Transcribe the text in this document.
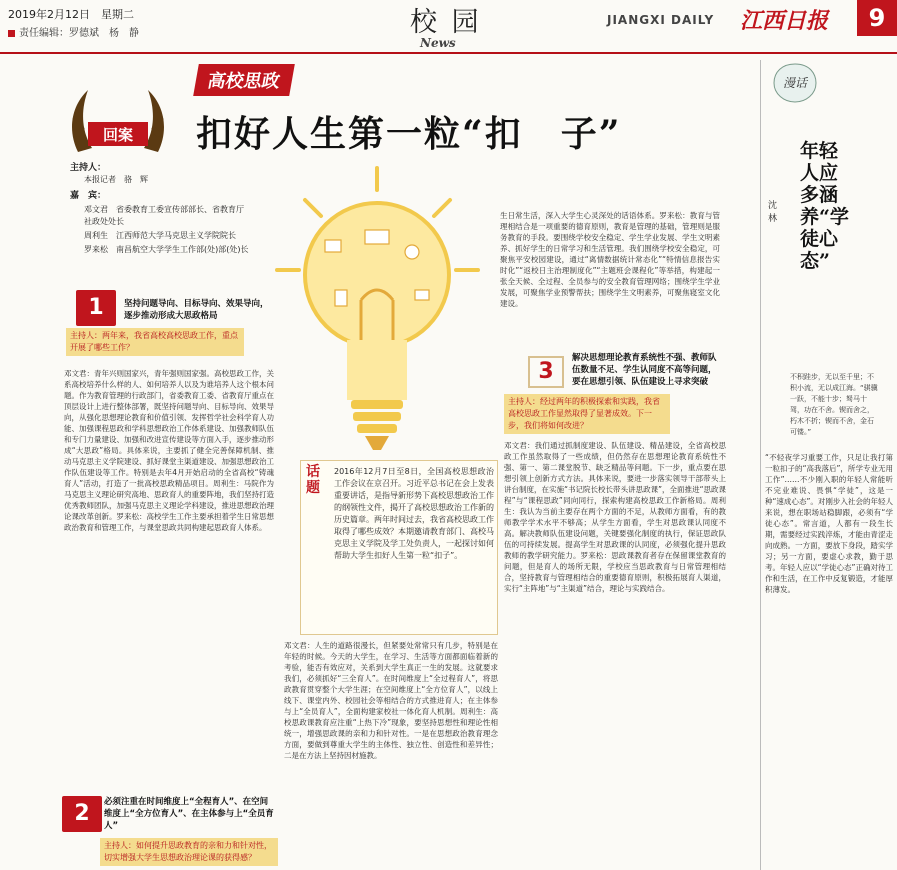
2019年2月12日　星期二
责任编辑：罗德斌　杨　静	校 园
News
JIANGXI DAILY 江西日报	9
回案
高校思政
扣好人生第一粒“扣　子”
主持人：
本报记者　骆　辉
嘉　宾：
邓文君　省委教育工委宣传部部长、省教育厅社政处处长
周利生　江西师范大学马克思主义学院院长
罗来松　南昌航空大学学生工作部(处)部(处)长
1	坚持问题导向、目标导向、效果导向，逐步推动形成大思政格局
主持人：两年来，我省高校高校思政工作，重点开展了哪些工作？
邓文君：青年兴则国家兴，青年强则国家强。高校思政工作，关系高校培养什么样的人、如何培养人以及为谁培养人这个根本问题。作为教育管理的行政部门，省委教育工委、省教育厅重点在顶层设计上进行整体部署，既坚持问题导向、目标导向、效果导向，从强化思想理论教育和价值引领、发挥哲学社会科学育人功能、加强课程思政和学科思想政治工作体系建设、加强教师队伍和专门力量建设、加强和改进宣传建设等方面入手，逐步推动形成“大思政”格局。具体来说，主要抓了健全完善保障机制、推动马克思主义学院建设、抓好课堂主渠道建设、加强思想政治工作队伍建设等工作。特别是去年4月开始启动的全省高校“铸魂育人”活动，打造了一批高校思政精品项目。周利生：马院作为马克思主义理论研究高地、思政育人的重要阵地，我们坚持打造优秀教师团队，加强马克思主义理论学科建设，推进思想政治理论课改革创新。罗来松：高校学生工作主要承担着学生日常思想政治教育和管理工作，与课堂思政共同构建起思政育人体系。
2	必须注重在时间维度上“全程育人”、在空间维度上“全方位育人”、在主体参与上“全员育人”
主持人：如何提升思政教育的亲和力和针对性，切实增强大学生思想政治理论课的获得感？
话题
2016年12月7日至8日，全国高校思想政治工作会议在京召开。习近平总书记在会上发表重要讲话，是指导新形势下高校思想政治工作的纲领性文件，揭开了高校思想政治工作新的历史篇章。两年时间过去，我省高校思政工作取得了哪些成效？本期邀请教育部门、高校马克思主义学院及学工处负责人，一起探讨如何帮助大学生扣好人生第一粒“扣子”。
邓文君：人生的道路很漫长，但紧要处常常只有几步，特别是在年轻的时候。今天的大学生，在学习、生活等方面都面临着新的考验，能否有效应对，关系到大学生真正一生的发展。这就要求我们，必须抓好“三全育人”。在时间维度上“全过程育人”，将思政教育贯穿整个大学生涯；在空间维度上“全方位育人”，以线上线下、课堂内外、校园社会等相结合的方式推进育人；在主体参与上“全员育人”，全面构建家校社一体化育人机制。周利生：高校思政课教育应注重“上热下冷”现象，要坚持思想性和理论性相统一，增强思政课的亲和力和针对性。一是在思想政治教育理念方面，要做到尊重大学生的主体性、独立性、创造性和差异性；二是在方法上坚持因材施教。
生日常生活，深入大学生心灵深处的话语体系。罗来松：教育与管理相结合是一项重要的德育原则，教育是管理的基础，管理则是服务教育的手段。要围绕学校安全稳定、学生学业发展、学生文明素养、抓好学生的日常学习和生活管理。我们围绕学校安全稳定，可聚焦平安校园建设，通过“离情数据统计常态化”“特情信息报告实时化”“返校日主治理制度化”“主题班会课程化”等举措，构建起一张全天候、全过程、全员参与的安全教育管理网络；围绕学生学业发展，可聚焦学业预警帮扶；围绕学生文明素养，可聚焦寝室文化建设。
3
解决思想理论教育系统性不强、教师队伍数量不足、学生认同度不高等问题，要在思想引领、队伍建设上寻求突破
主持人：经过两年的积极探索和实践，我省高校思政工作显然取得了显著成效。下一步，我们将如何改进？
邓文君：我们通过抓制度建设、队伍建设、精品建设，全省高校思政工作虽然取得了一些成绩，但仍然存在思想理论教育系统性不强、第一、第二课堂脱节、缺乏精品等问题。下一步，重点要在思想引领上创新方式方法。具体来说，要进一步落实领导干部带头上讲台制度，在实施“书记院长校长带头讲思政课”，全面推进“思政课程”与“课程思政”同向同行，探索构建高校思政工作新格局。周利生：我认为当前主要存在两个方面的不足，从教师方面看，有的教师教学学术水平不够高；从学生方面看，学生对思政课认同度不高。解决教师队伍建设问题，关键要强化制度的执行，保证思政队伍的可持续发展。提高学生对思政课的认同度，必须强化提升思政教师的教学研究能力。罗来松：思政课教育者存在保留课堂教育的问题，但是育人的场所无限，学校应当思政教育与日常管理相结合，坚持教育与管理相结合的重要德育原则，积极拓展育人渠道，实行“主阵地”与“主渠道”结合，理论与实践结合。
漫话
年轻人应多涵养“学徒心态”
沈　林
不积跬步，无以至千里；不积小流，无以成江海。“骐骥一跃，不能十步；驽马十驾，功在不舍。锲而舍之，朽木不折；锲而不舍，金石可镂。”
“不轻夜学习重要工作，只足让我打第一粒扣子的“高我落后”，所学专业无用工作”……不少刚入职的年轻人常能听不完业难说、畏惧“学徒”，这是一种“速成心态”。对刚步入社会的年轻人来说，想在职场站稳脚跟，必须有“学徒心态”。常言道，人都有一段生长期，需要经过实践淬炼，才能由青涩走向成熟。一方面，要放下身段，踏实学习；另一方面，要虚心求教，勤于思考。年轻人应以“学徒心态”正确对待工作和生活，在工作中反复锻造，才能厚积薄发。
